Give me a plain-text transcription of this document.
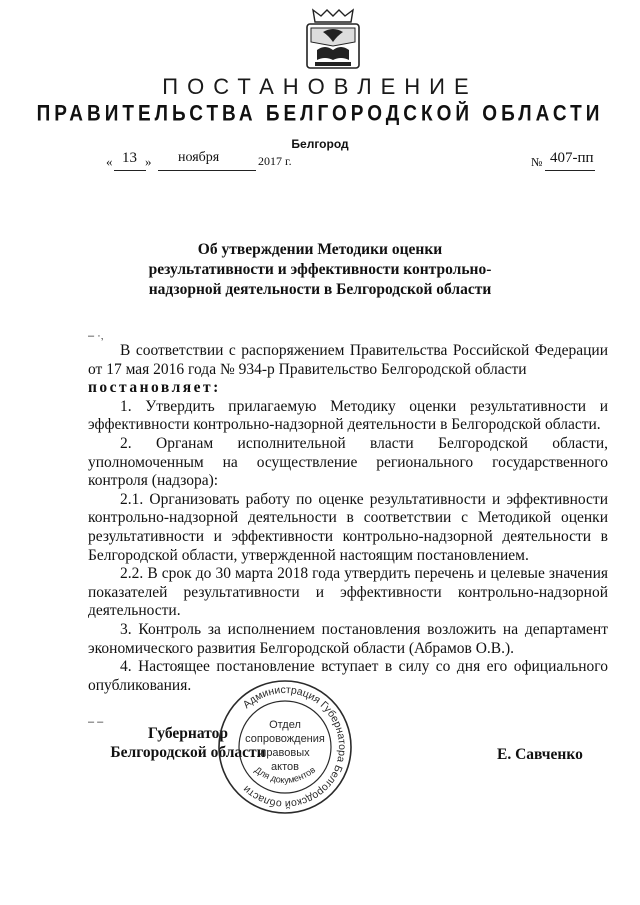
ПОСТАНОВЛЕНИЕ
ПРАВИТЕЛЬСТВА БЕЛГОРОДСКОЙ ОБЛАСТИ
Белгород
« 13 » ноября	2017 г.	№ 407-пп
– ·‚
– –
Об утверждении Методики оценки
результативности и эффективности контрольно-
надзорной деятельности в Белгородской области

В соответствии с распоряжением Правительства Российской Федерации от 17 мая 2016 года № 934-р Правительство Белгородской области

постановляет:

1. Утвердить прилагаемую Методику оценки результативности и эффективности контрольно-надзорной деятельности в Белгородской области.

2. Органам исполнительной власти Белгородской области, уполномоченным на осуществление регионального государственного контроля (надзора):

2.1. Организовать работу по оценке результативности и эффективности контрольно-надзорной деятельности в соответствии с Методикой оценки результативности и эффективности контрольно-надзорной деятельности в Белгородской области, утвержденной настоящим постановлением.

2.2. В срок до 30 марта 2018 года утвердить перечень и целевые значения показателей результативности и эффективности контрольно-надзорной деятельности.

3. Контроль за исполнением постановления возложить на департамент экономического развития Белгородской области (Абрамов О.В.).

4. Настоящее постановление вступает в силу со дня его официального опубликования.

Губернатор
Белгородской области	Е. Савченко
Администрация Губернатора Белгородской области
Отдел
сопровождения
правовых
актов
Для документов
